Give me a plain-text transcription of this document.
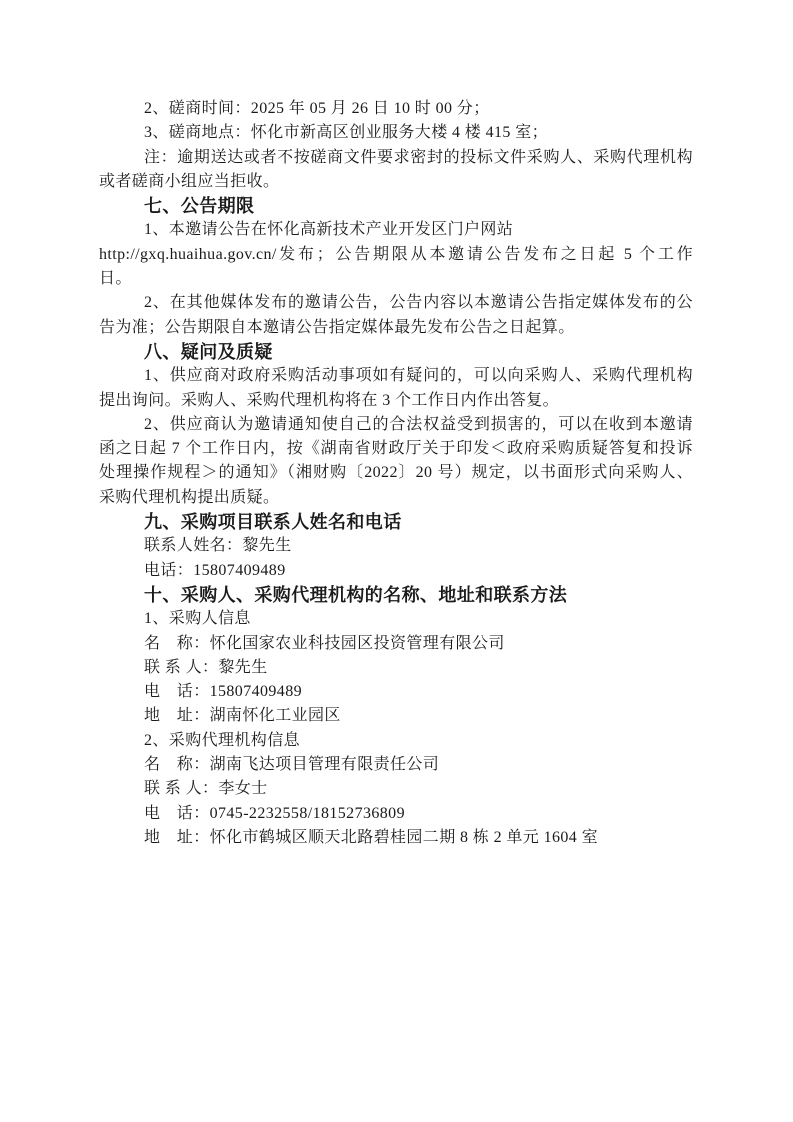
2、磋商时间：2025 年 05 月 26 日 10 时 00 分；
3、磋商地点：怀化市新高区创业服务大楼 4 楼 415 室；
注：逾期送达或者不按磋商文件要求密封的投标文件采购人、采购代理机构
或者磋商小组应当拒收。
七、公告期限
1、本邀请公告在怀化高新技术产业开发区门户网站
http://gxq.huaihua.gov.cn/发布；公告期限从本邀请公告发布之日起 5 个工作
日。
2、在其他媒体发布的邀请公告，公告内容以本邀请公告指定媒体发布的公
告为准；公告期限自本邀请公告指定媒体最先发布公告之日起算。
八、疑问及质疑
1、供应商对政府采购活动事项如有疑问的，可以向采购人、采购代理机构
提出询问。采购人、采购代理机构将在 3 个工作日内作出答复。
2、供应商认为邀请通知使自己的合法权益受到损害的，可以在收到本邀请
函之日起 7 个工作日内，按《湖南省财政厅关于印发＜政府采购质疑答复和投诉
处理操作规程＞的通知》（湘财购〔2022〕20 号）规定，以书面形式向采购人、
采购代理机构提出质疑。
九、采购项目联系人姓名和电话
联系人姓名：黎先生
电话：15807409489
十、采购人、采购代理机构的名称、地址和联系方法
1、采购人信息
名　称：怀化国家农业科技园区投资管理有限公司
联 系 人：黎先生
电　话：15807409489
地　址：湖南怀化工业园区
2、采购代理机构信息
名　称：湖南飞达项目管理有限责任公司
联 系 人：李女士
电　话：0745-2232558/18152736809
地　址：怀化市鹤城区顺天北路碧桂园二期 8 栋 2 单元 1604 室
